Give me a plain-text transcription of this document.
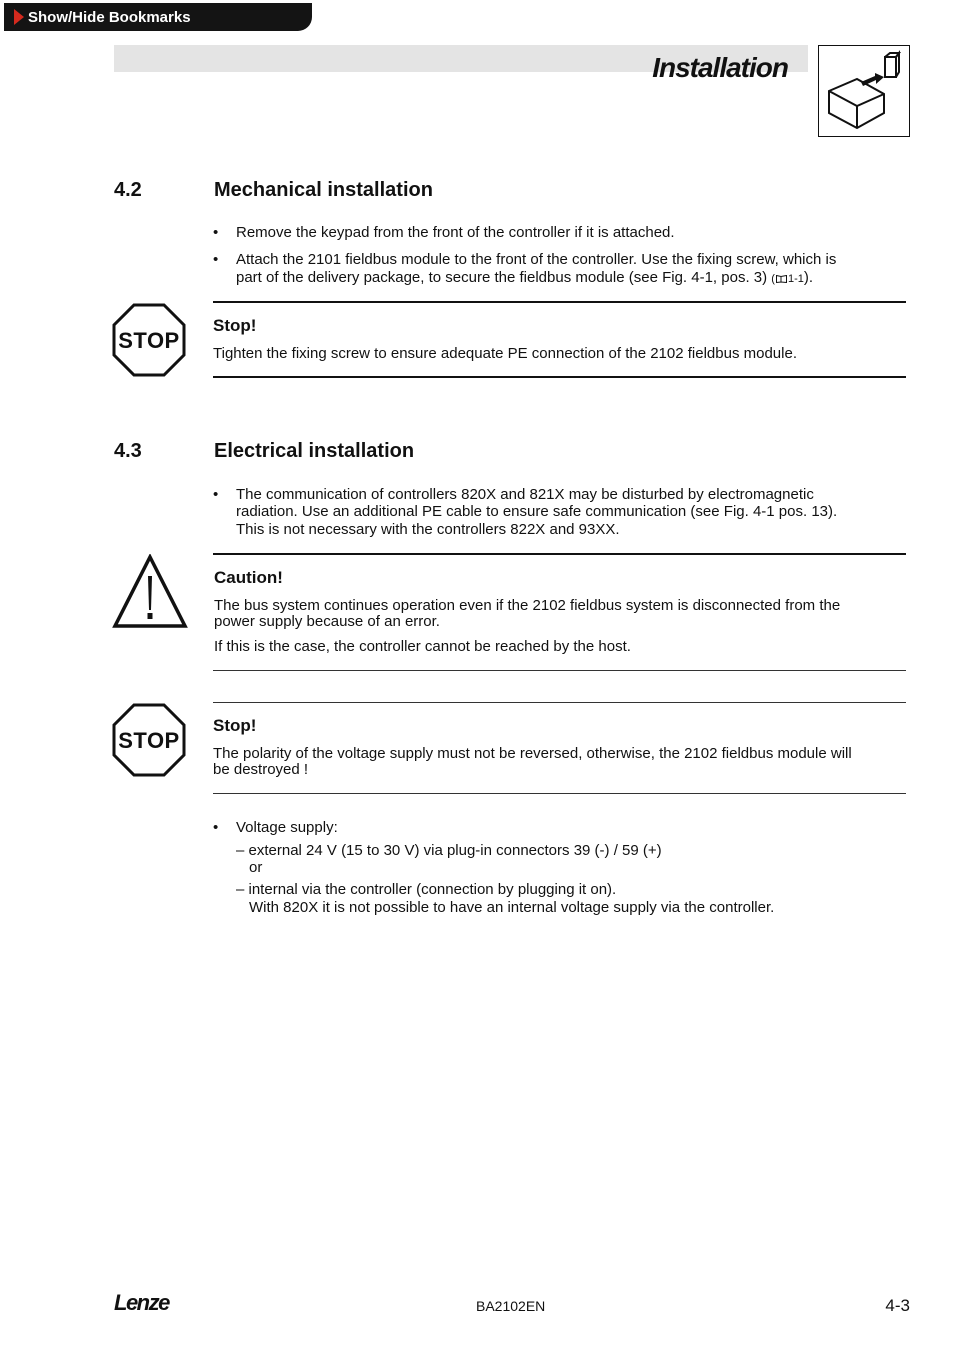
Show/Hide Bookmarks
Installation
4.2	Mechanical installation
• Remove the keypad from the front of the controller if it is attached.
• Attach the 2101 fieldbus module to the front of the controller. Use the fixing screw, which is
part of the delivery package, to secure the fieldbus module (see Fig. 4-1, pos. 3) ( 1-1).
STOP
Stop!
Tighten the fixing screw to ensure adequate PE connection of the 2102 fieldbus module.
4.3	Electrical installation
• The communication of controllers 820X and 821X may be disturbed by electromagnetic
radiation. Use an additional PE cable to ensure safe communication (see Fig. 4-1 pos. 13).
This is not necessary with the controllers 822X and 93XX.
Caution!
The bus system continues operation even if the 2102 fieldbus system is disconnected from the
power supply because of an error.
If this is the case, the controller cannot be reached by the host.
STOP
Stop!
The polarity of the voltage supply must not be reversed, otherwise, the 2102 fieldbus module will
be destroyed !
• Voltage supply:
– external 24 V (15 to 30 V) via plug-in connectors 39 (-) / 59 (+)
or
– internal via the controller (connection by plugging it on).
With 820X it is not possible to have an internal voltage supply via the controller.
Lenze	BA2102EN	4-3
